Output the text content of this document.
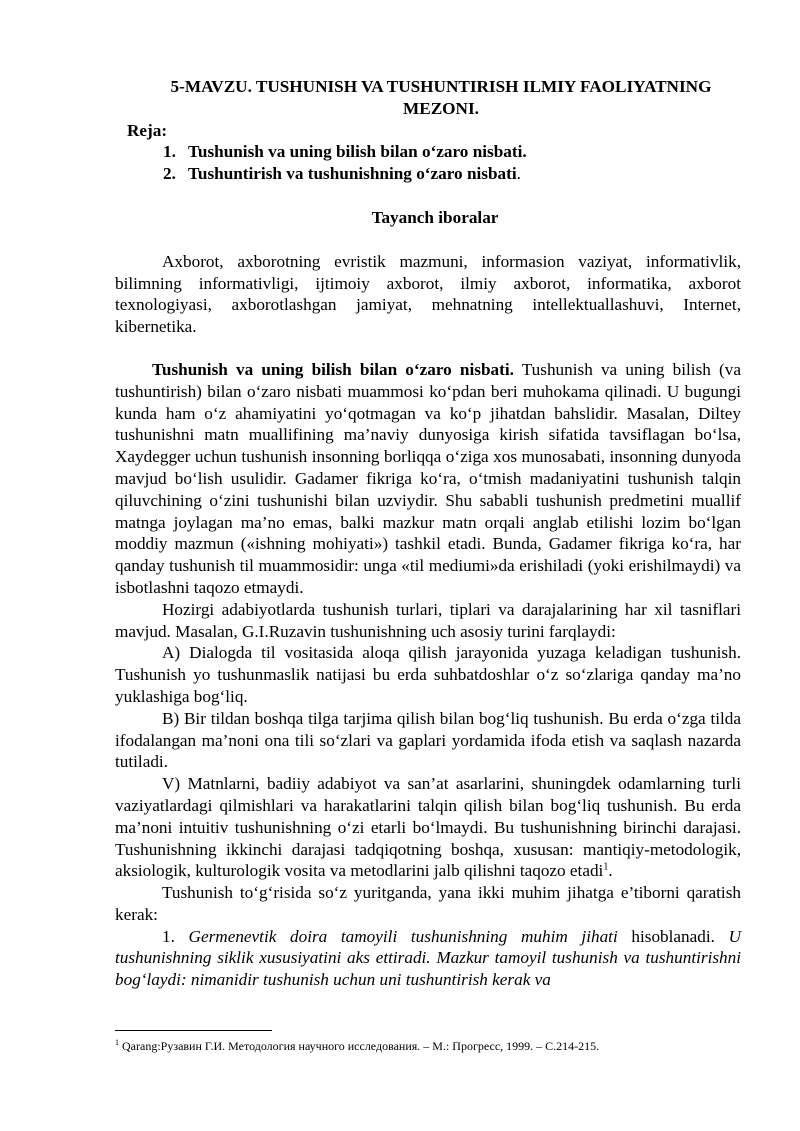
5-MAVZU. TUSHUNISH VA TUSHUNTIRISH ILMIY FAOLIYATNING MEZONI.
Reja:
1. Tushunish va uning bilish bilan o‘zaro nisbati.
2. Tushuntirish va tushunishning o‘zaro nisbati.
Tayanch iboralar

Axborot, axborotning evristik mazmuni, informasion vaziyat, informativlik, bilimning informativligi, ijtimoiy axborot, ilmiy axborot, informatika, axborot texnologiyasi, axborotlashgan jamiyat, mehnatning intellektuallashuvi, Internet, kibernetika.

Tushunish va uning bilish bilan o‘zaro nisbati. Tushunish va uning bilish (va tushuntirish) bilan o‘zaro nisbati muammosi ko‘pdan beri muhokama qilinadi. U bugungi kunda ham o‘z ahamiyatini yo‘qotmagan va ko‘p jihatdan bahslidir. Masalan, Diltey tushunishni matn muallifining ma’naviy dunyosiga kirish sifatida tavsiflagan bo‘lsa, Xaydegger uchun tushunish insonning borliqqa o‘ziga xos munosabati, insonning dunyoda mavjud bo‘lish usulidir. Gadamer fikriga ko‘ra, o‘tmish madaniyatini tushunish talqin qiluvchining o‘zini tushunishi bilan uzviydir. Shu sababli tushunish predmetini muallif matnga joylagan ma’no emas, balki mazkur matn orqali anglab etilishi lozim bo‘lgan moddiy mazmun («ishning mohiyati») tashkil etadi. Bunda, Gadamer fikriga ko‘ra, har qanday tushunish til muammosidir: unga «til mediumi»da erishiladi (yoki erishilmaydi) va isbotlashni taqozo etmaydi.

Hozirgi adabiyotlarda tushunish turlari, tiplari va darajalarining har xil tasniflari mavjud. Masalan, G.I.Ruzavin tushunishning uch asosiy turini farqlaydi:

A) Dialogda til vositasida aloqa qilish jarayonida yuzaga keladigan tushunish. Tushunish yo tushunmaslik natijasi bu erda suhbatdoshlar o‘z so‘zlariga qanday ma’no yuklashiga bog‘liq.

B) Bir tildan boshqa tilga tarjima qilish bilan bog‘liq tushunish. Bu erda o‘zga tilda ifodalangan ma’noni ona tili so‘zlari va gaplari yordamida ifoda etish va saqlash nazarda tutiladi.

V) Matnlarni, badiiy adabiyot va san’at asarlarini, shuningdek odamlarning turli vaziyatlardagi qilmishlari va harakatlarini talqin qilish bilan bog‘liq tushunish. Bu erda ma’noni intuitiv tushunishning o‘zi etarli bo‘lmaydi. Bu tushunishning birinchi darajasi. Tushunishning ikkinchi darajasi tadqiqotning boshqa, xususan: mantiqiy-metodologik, aksiologik, kulturologik vosita va metodlarini jalb qilishni taqozo etadi$^1$.

Tushunish to‘g‘risida so‘z yuritganda, yana ikki muhim jihatga e’tiborni qaratish kerak:

1. Germenevtik doira tamoyili tushunishning muhim jihati hisoblanadi. U tushunishning siklik xususiyatini aks ettiradi. Mazkur tamoyil tushunish va tushuntirishni bog‘laydi: nimanidir tushunish uchun uni tushuntirish kerak va

$^1$ Qarang:Рузавин Г.И. Методология научного исследования. – М.: Прогресс, 1999. – С.214-215.
